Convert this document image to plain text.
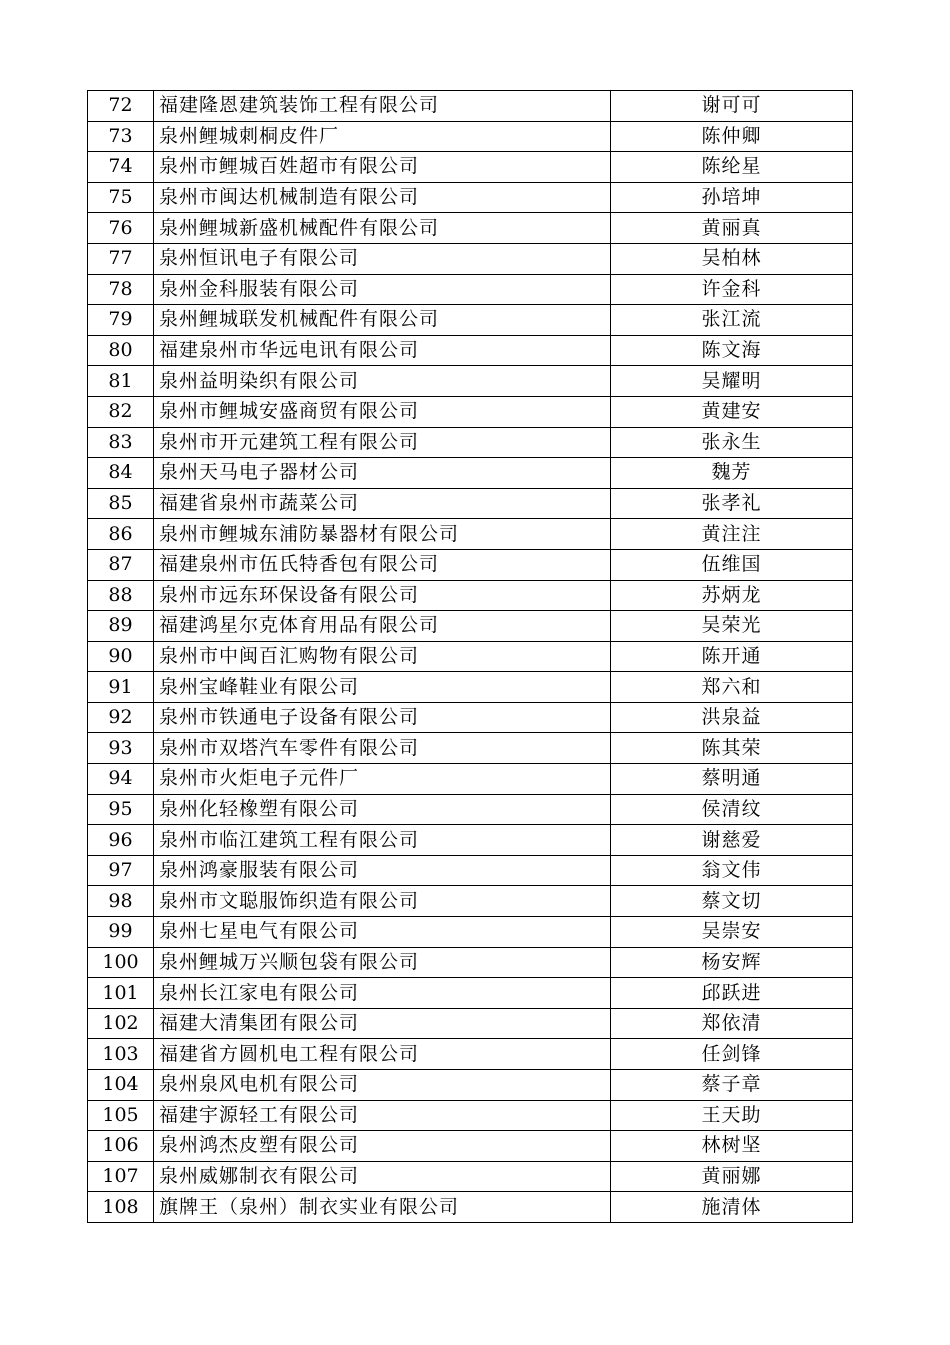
72	福建隆恩建筑装饰工程有限公司	谢可可
73	泉州鲤城刺桐皮件厂	陈仲卿
74	泉州市鲤城百姓超市有限公司	陈纶星
75	泉州市闽达机械制造有限公司	孙培坤
76	泉州鲤城新盛机械配件有限公司	黄丽真
77	泉州恒讯电子有限公司	吴柏林
78	泉州金科服装有限公司	许金科
79	泉州鲤城联发机械配件有限公司	张江流
80	福建泉州市华远电讯有限公司	陈文海
81	泉州益明染织有限公司	吴耀明
82	泉州市鲤城安盛商贸有限公司	黄建安
83	泉州市开元建筑工程有限公司	张永生
84	泉州天马电子器材公司	魏芳
85	福建省泉州市蔬菜公司	张孝礼
86	泉州市鲤城东浦防暴器材有限公司	黄注注
87	福建泉州市伍氏特香包有限公司	伍维国
88	泉州市远东环保设备有限公司	苏炳龙
89	福建鸿星尔克体育用品有限公司	吴荣光
90	泉州市中闽百汇购物有限公司	陈开通
91	泉州宝峰鞋业有限公司	郑六和
92	泉州市铁通电子设备有限公司	洪泉益
93	泉州市双塔汽车零件有限公司	陈其荣
94	泉州市火炬电子元件厂	蔡明通
95	泉州化轻橡塑有限公司	侯清纹
96	泉州市临江建筑工程有限公司	谢慈爱
97	泉州鸿豪服装有限公司	翁文伟
98	泉州市文聪服饰织造有限公司	蔡文切
99	泉州七星电气有限公司	吴崇安
100	泉州鲤城万兴顺包袋有限公司	杨安辉
101	泉州长江家电有限公司	邱跃进
102	福建大清集团有限公司	郑依清
103	福建省方圆机电工程有限公司	任剑锋
104	泉州泉风电机有限公司	蔡子章
105	福建宇源轻工有限公司	王天助
106	泉州鸿杰皮塑有限公司	林树坚
107	泉州威娜制衣有限公司	黄丽娜
108	旗牌王（泉州）制衣实业有限公司	施清体
